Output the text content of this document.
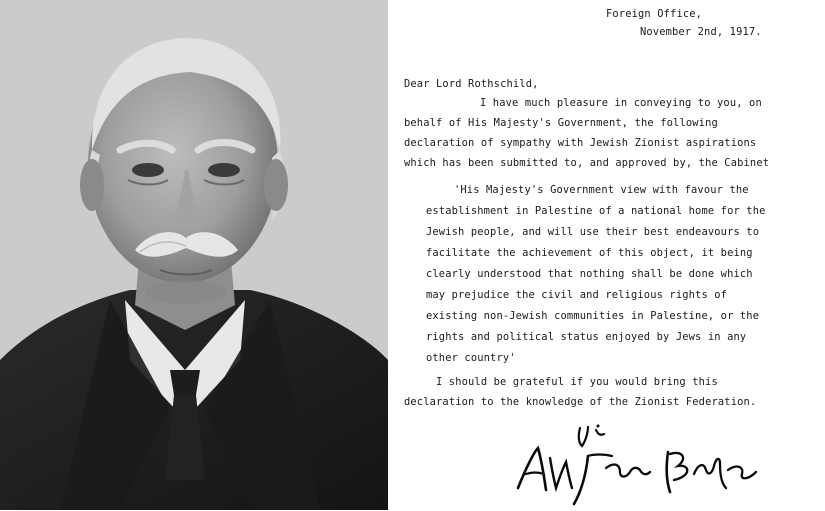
Foreign Office,
November 2nd, 1917.
Dear Lord Rothschild,
I have much pleasure in conveying to you, on
behalf of His Majesty's Government, the following
declaration of sympathy with Jewish Zionist aspirations
which has been submitted to, and approved by, the Cabinet
'His Majesty's Government view with favour the
establishment in Palestine of a national home for the
Jewish people, and will use their best endeavours to
facilitate the achievement of this object, it being
clearly understood that nothing shall be done which
may prejudice the civil and religious rights of
existing non-Jewish communities in Palestine, or the
rights and political status enjoyed by Jews in any
other country'
I should be grateful if you would bring this
declaration to the knowledge of the Zionist Federation.
